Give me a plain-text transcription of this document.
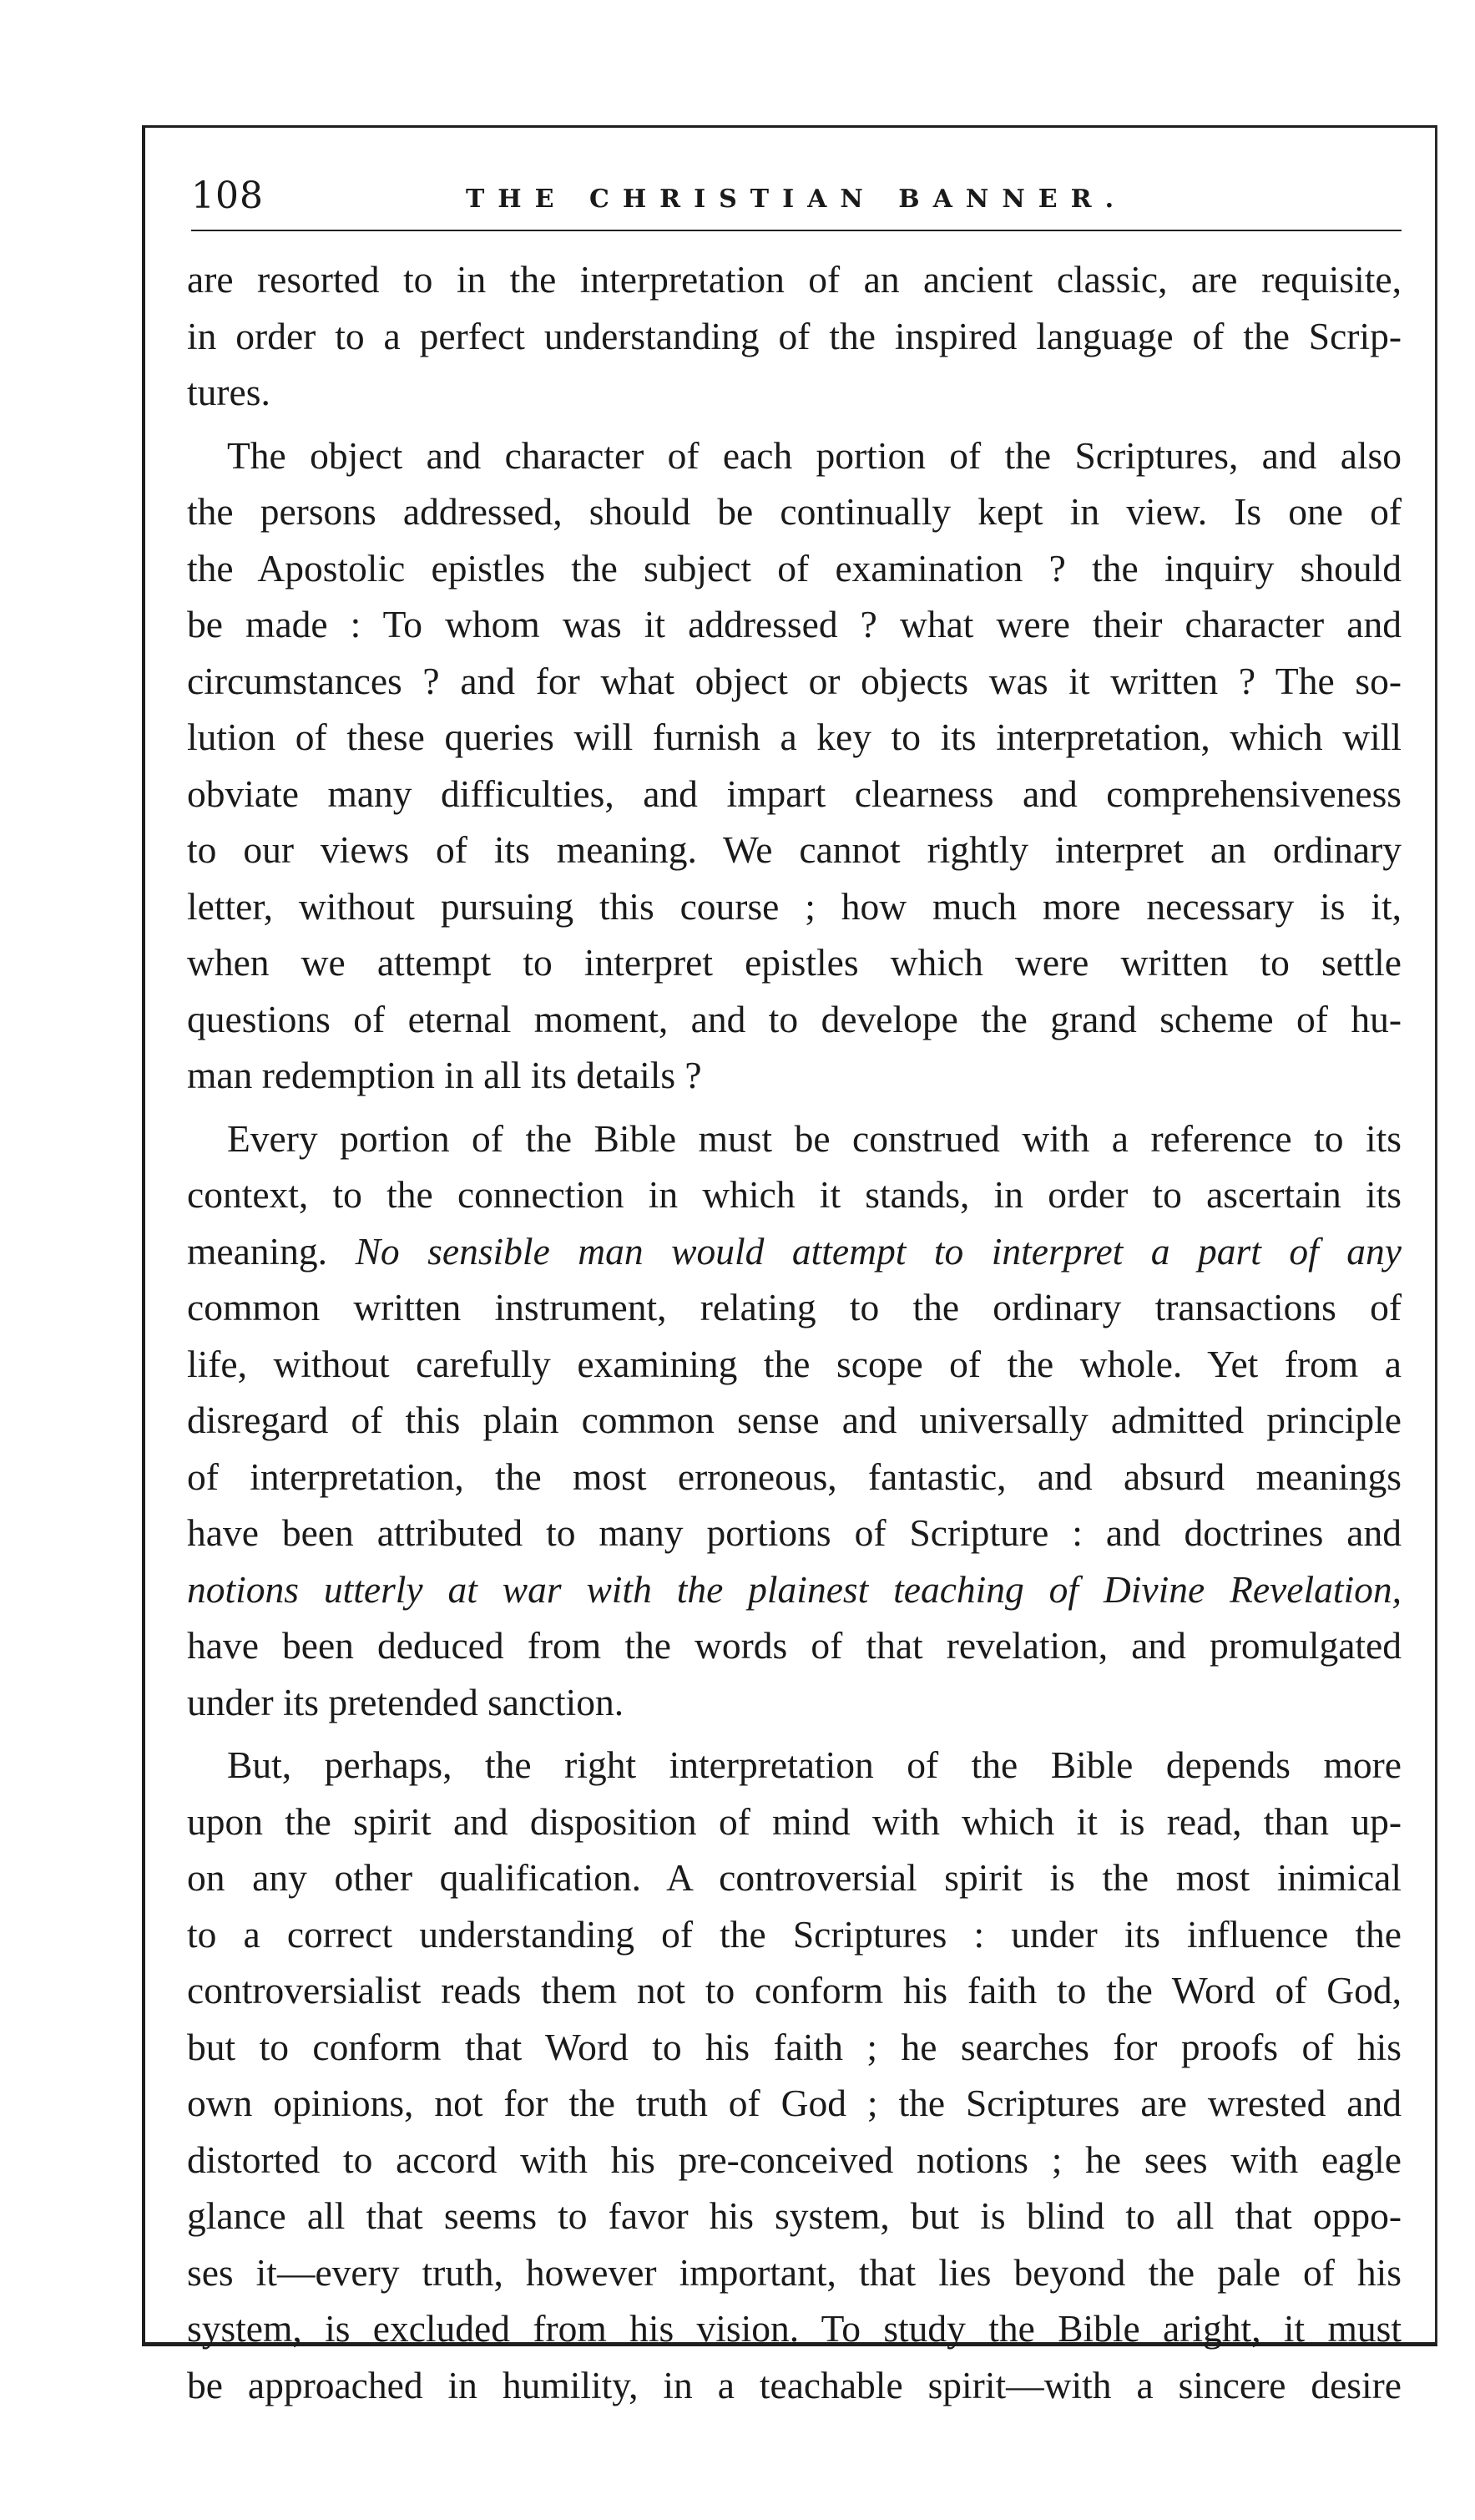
108	THE CHRISTIAN BANNER.

are resorted to in the interpretation of an ancient classic, are requisite,
in order to a perfect understanding of the inspired language of the Scrip-
tures.

The object and character of each portion of the Scriptures, and also
the persons addressed, should be continually kept in view. Is one of
the Apostolic epistles the subject of examination ? the inquiry should
be made : To whom was it addressed ? what were their character and
circumstances ? and for what object or objects was it written ? The so-
lution of these queries will furnish a key to its interpretation, which will
obviate many difficulties, and impart clearness and comprehensiveness
to our views of its meaning. We cannot rightly interpret an ordinary
letter, without pursuing this course ; how much more necessary is it,
when we attempt to interpret epistles which were written to settle
questions of eternal moment, and to develope the grand scheme of hu-
man redemption in all its details ?

Every portion of the Bible must be construed with a reference to its
context, to the connection in which it stands, in order to ascertain its
meaning. No sensible man would attempt to interpret a part of any
common written instrument, relating to the ordinary transactions of
life, without carefully examining the scope of the whole. Yet from a
disregard of this plain common sense and universally admitted principle
of interpretation, the most erroneous, fantastic, and absurd meanings
have been attributed to many portions of Scripture : and doctrines and
notions utterly at war with the plainest teaching of Divine Revelation,
have been deduced from the words of that revelation, and promulgated
under its pretended sanction.

But, perhaps, the right interpretation of the Bible depends more
upon the spirit and disposition of mind with which it is read, than up-
on any other qualification. A controversial spirit is the most inimical
to a correct understanding of the Scriptures : under its influence the
controversialist reads them not to conform his faith to the Word of God,
but to conform that Word to his faith ; he searches for proofs of his
own opinions, not for the truth of God ; the Scriptures are wrested and
distorted to accord with his pre-conceived notions ; he sees with eagle
glance all that seems to favor his system, but is blind to all that oppo-
ses it—every truth, however important, that lies beyond the pale of his
system, is excluded from his vision. To study the Bible aright, it must
be approached in humility, in a teachable spirit—with a sincere desire
